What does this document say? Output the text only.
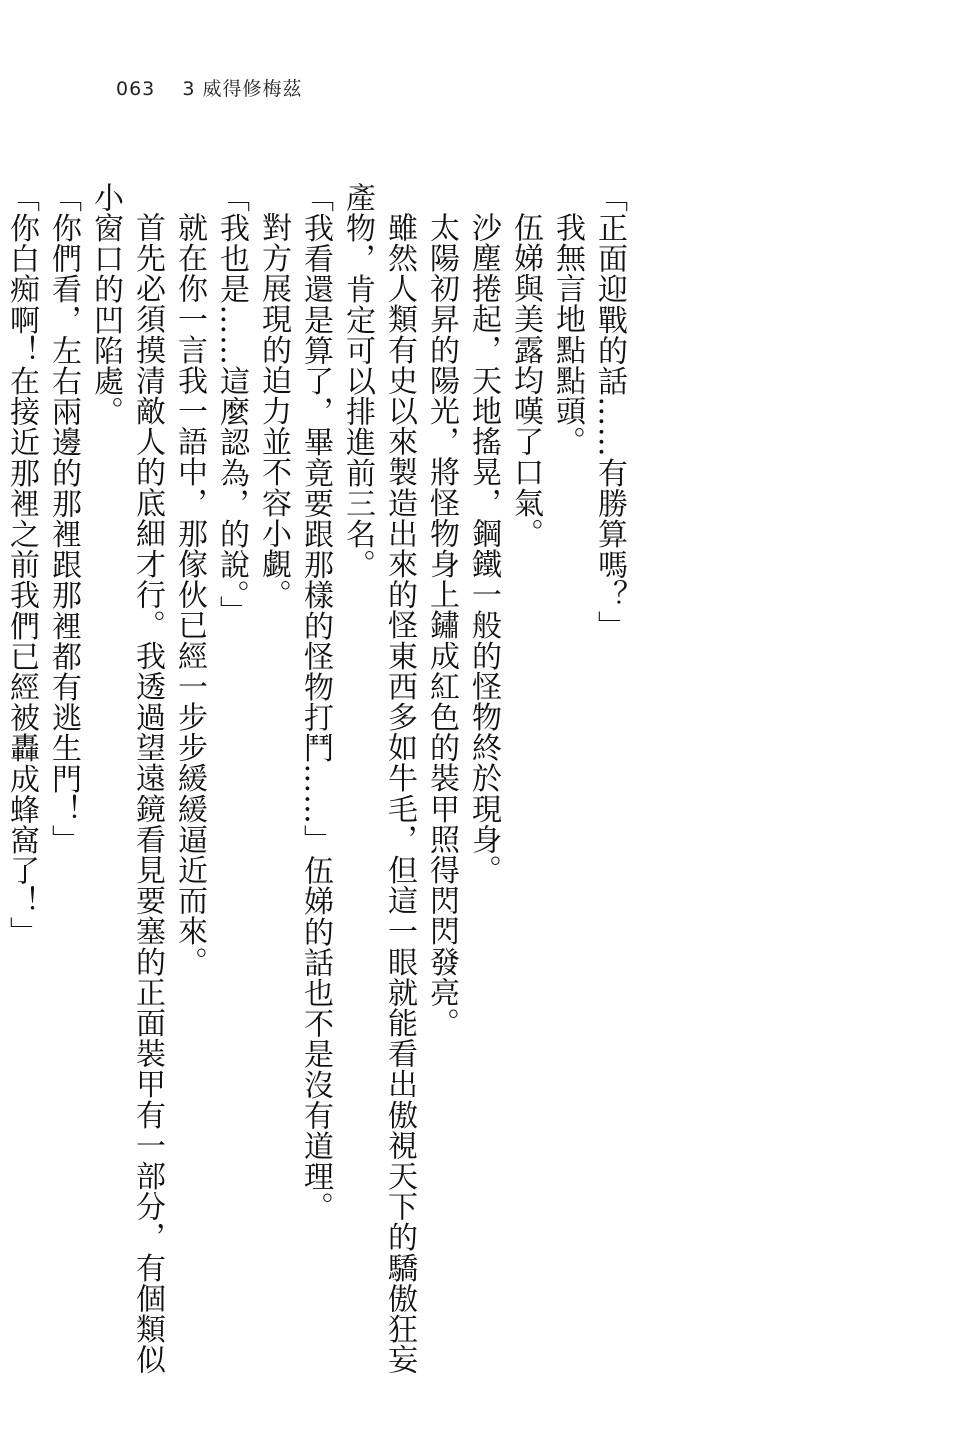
063 3 威得修梅茲

「正面迎戰的話……有勝算嗎？」

我無言地點點頭。

伍娣與美露均嘆了口氣。

沙塵捲起，天地搖晃，鋼鐵一般的怪物終於現身。

太陽初昇的陽光，將怪物身上鏽成紅色的裝甲照得閃閃發亮。

雖然人類有史以來製造出來的怪東西多如牛毛，但這一眼就能看出傲視天下的驕傲狂妄

產物，肯定可以排進前三名。

「我看還是算了，畢竟要跟那樣的怪物打鬥……」伍娣的話也不是沒有道理。

對方展現的迫力並不容小覷。

「我也是……這麼認為，的說。」

就在你一言我一語中，那傢伙已經一步步緩緩逼近而來。

首先必須摸清敵人的底細才行。我透過望遠鏡看見要塞的正面裝甲有一部分，有個類似

小窗口的凹陷處。

「你們看，左右兩邊的那裡跟那裡都有逃生門！」

「你白痴啊！在接近那裡之前我們已經被轟成蜂窩了！」
